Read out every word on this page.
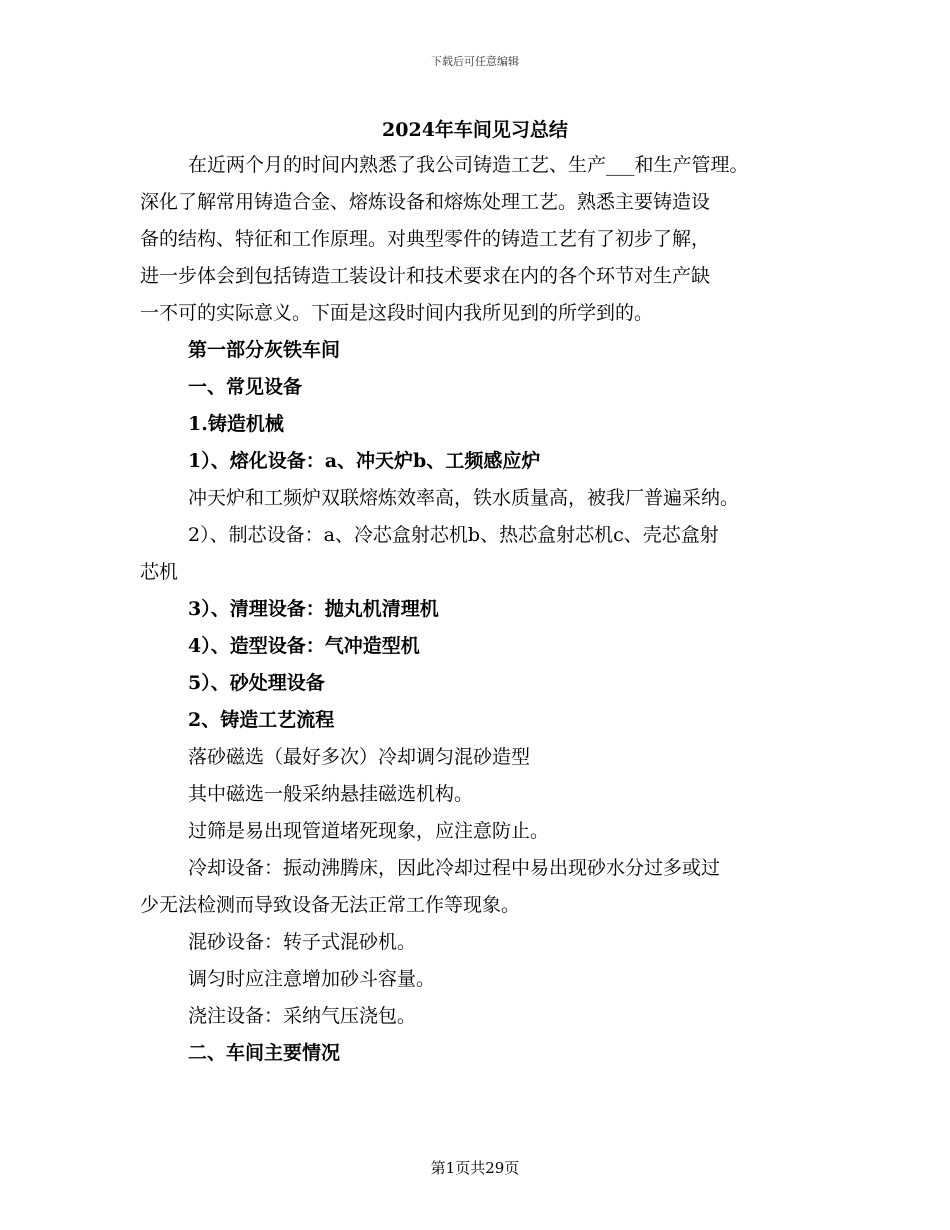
下载后可任意编辑
2024年车间见习总结
在近两个月的时间内熟悉了我公司铸造工艺、生产___和生产管理。
深化了解常用铸造合金、熔炼设备和熔炼处理工艺。熟悉主要铸造设
备的结构、特征和工作原理。对典型零件的铸造工艺有了初步了解，
进一步体会到包括铸造工装设计和技术要求在内的各个环节对生产缺
一不可的实际意义。下面是这段时间内我所见到的所学到的。
第一部分灰铁车间
一、常见设备
1.铸造机械
1）、熔化设备：a、冲天炉b、工频感应炉
冲天炉和工频炉双联熔炼效率高，铁水质量高，被我厂普遍采纳。
2）、制芯设备：a、冷芯盒射芯机b、热芯盒射芯机c、壳芯盒射
芯机
3）、清理设备：抛丸机清理机
4）、造型设备：气冲造型机
5）、砂处理设备
2、铸造工艺流程
落砂磁选（最好多次）冷却调匀混砂造型
其中磁选一般采纳悬挂磁选机构。
过筛是易出现管道堵死现象，应注意防止。
冷却设备：振动沸腾床，因此冷却过程中易出现砂水分过多或过
少无法检测而导致设备无法正常工作等现象。
混砂设备：转子式混砂机。
调匀时应注意增加砂斗容量。
浇注设备：采纳气压浇包。
二、车间主要情况
第1页共29页
